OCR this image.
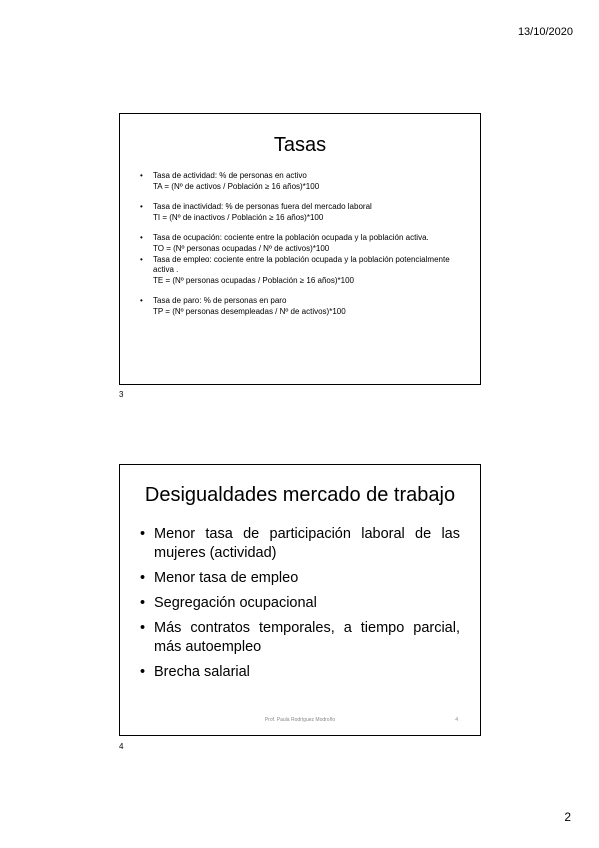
13/10/2020
Tasas
• Tasa de actividad: % de personas en activo
TA = (Nº de activos / Población ≥ 16 años)*100
• Tasa de inactividad: % de personas fuera del mercado laboral
TI = (Nº de inactivos / Población ≥ 16 años)*100
• Tasa de ocupación: cociente entre la población ocupada y la población activa.
TO = (Nº personas ocupadas / Nº de activos)*100
• Tasa de empleo: cociente entre la población ocupada y la población potencialmente activa .
TE = (Nº personas ocupadas / Población ≥ 16 años)*100
• Tasa de paro: % de personas en paro
TP = (Nº personas desempleadas / Nº de activos)*100
3
Desigualdades mercado de trabajo
• Menor tasa de participación laboral de las mujeres (actividad)
• Menor tasa de empleo
• Segregación ocupacional
• Más contratos temporales, a tiempo parcial, más autoempleo
• Brecha salarial
Prof. Paula Rodríguez Modroño	4
4
2
